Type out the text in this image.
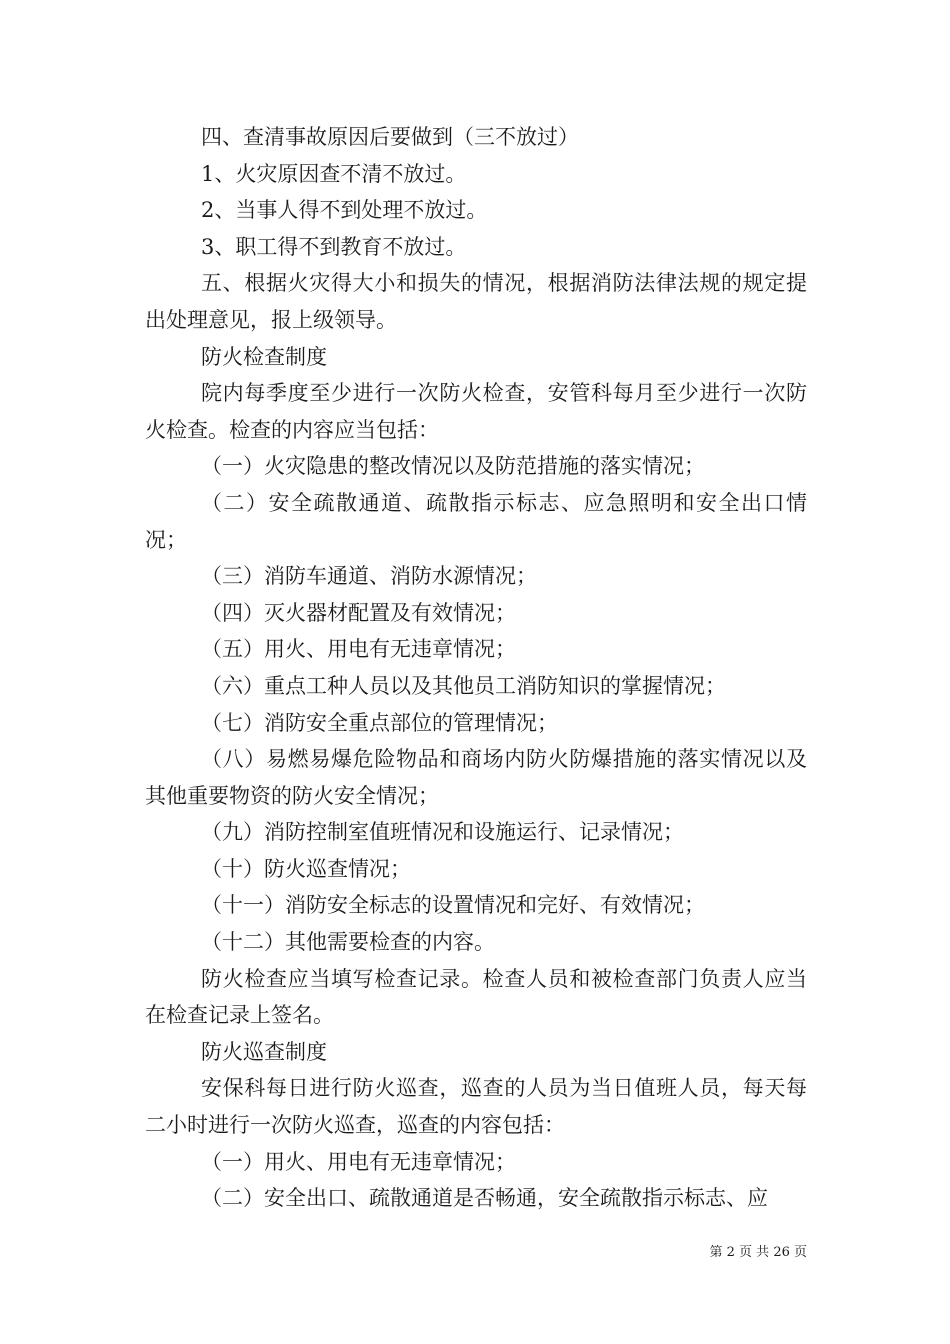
四、查清事故原因后要做到（三不放过）

1、火灾原因查不清不放过。

2、当事人得不到处理不放过。

3、职工得不到教育不放过。

五、根据火灾得大小和损失的情况，根据消防法律法规的规定提出处理意见，报上级领导。

防火检查制度

院内每季度至少进行一次防火检查，安管科每月至少进行一次防火检查。检查的内容应当包括：

（一）火灾隐患的整改情况以及防范措施的落实情况；

（二）安全疏散通道、疏散指示标志、应急照明和安全出口情况；

（三）消防车通道、消防水源情况；

（四）灭火器材配置及有效情况；

（五）用火、用电有无违章情况；

（六）重点工种人员以及其他员工消防知识的掌握情况；

（七）消防安全重点部位的管理情况；

（八）易燃易爆危险物品和商场内防火防爆措施的落实情况以及其他重要物资的防火安全情况；

（九）消防控制室值班情况和设施运行、记录情况；

（十）防火巡查情况；

（十一）消防安全标志的设置情况和完好、有效情况；

（十二）其他需要检查的内容。

防火检查应当填写检查记录。检查人员和被检查部门负责人应当在检查记录上签名。

防火巡查制度

安保科每日进行防火巡查，巡查的人员为当日值班人员，每天每二小时进行一次防火巡查，巡查的内容包括：

（一）用火、用电有无违章情况；

（二）安全出口、疏散通道是否畅通，安全疏散指示标志、应

第 2 页 共 26 页
